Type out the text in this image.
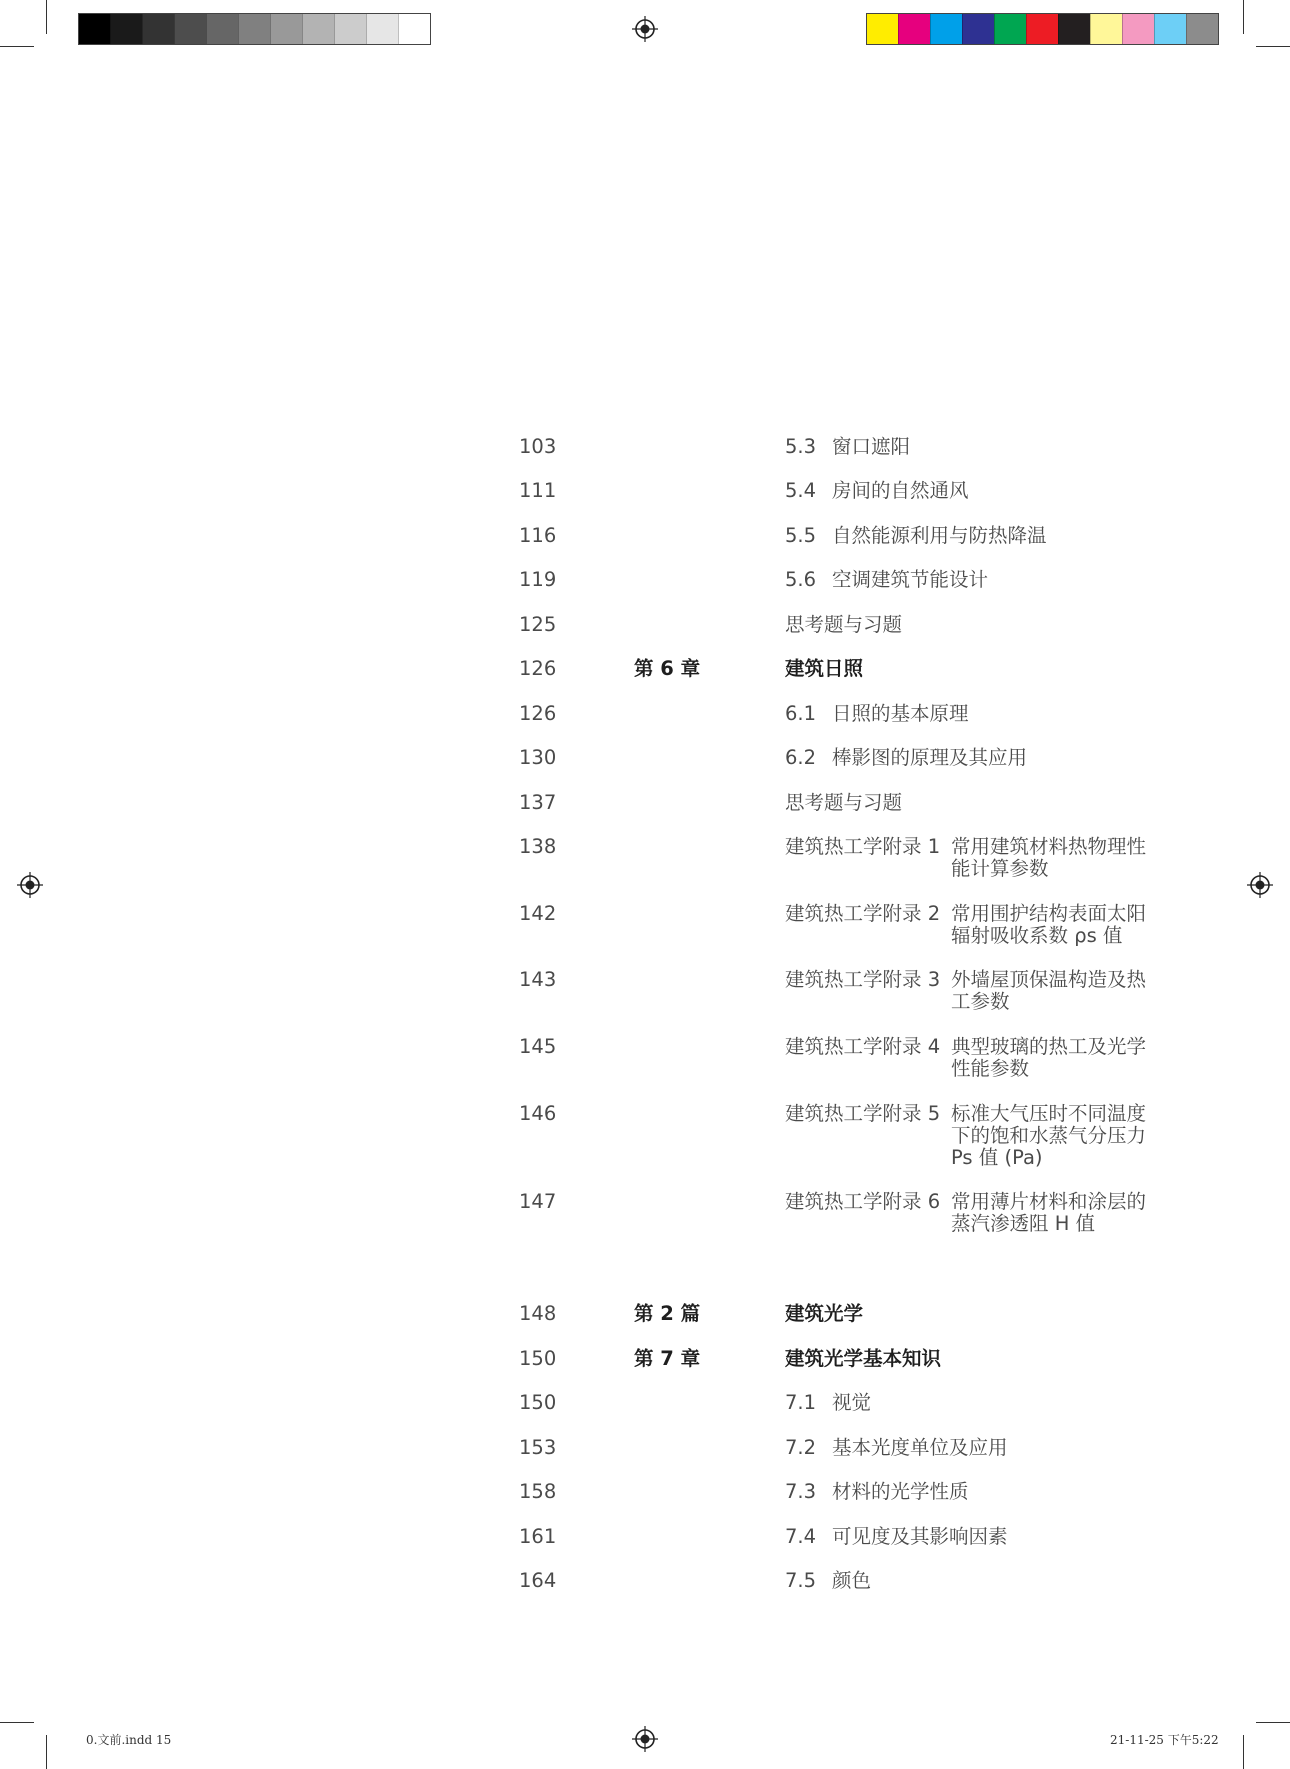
103	5.3 窗口遮阳
111	5.4 房间的自然通风
116	5.5 自然能源利用与防热降温
119	5.6 空调建筑节能设计
125	思考题与习题
126	第 6 章	建筑日照
126	6.1 日照的基本原理
130	6.2 棒影图的原理及其应用
137	思考题与习题
138	建筑热工学附录 1 常用建筑材料热物理性
能计算参数
142	建筑热工学附录 2 常用围护结构表面太阳
辐射吸收系数 ρs 值
143	建筑热工学附录 3 外墙屋顶保温构造及热
工参数
145	建筑热工学附录 4 典型玻璃的热工及光学
性能参数
146	建筑热工学附录 5 标准大气压时不同温度
下的饱和水蒸气分压力
Ps 值 (Pa)
147	建筑热工学附录 6 常用薄片材料和涂层的
蒸汽渗透阻 H 值
148	第 2 篇	建筑光学
150	第 7 章	建筑光学基本知识
150	7.1 视觉
153	7.2 基本光度单位及应用
158	7.3 材料的光学性质
161	7.4 可见度及其影响因素
164	7.5 颜色
0.文前.indd 15	21-11-25 下午5:22
